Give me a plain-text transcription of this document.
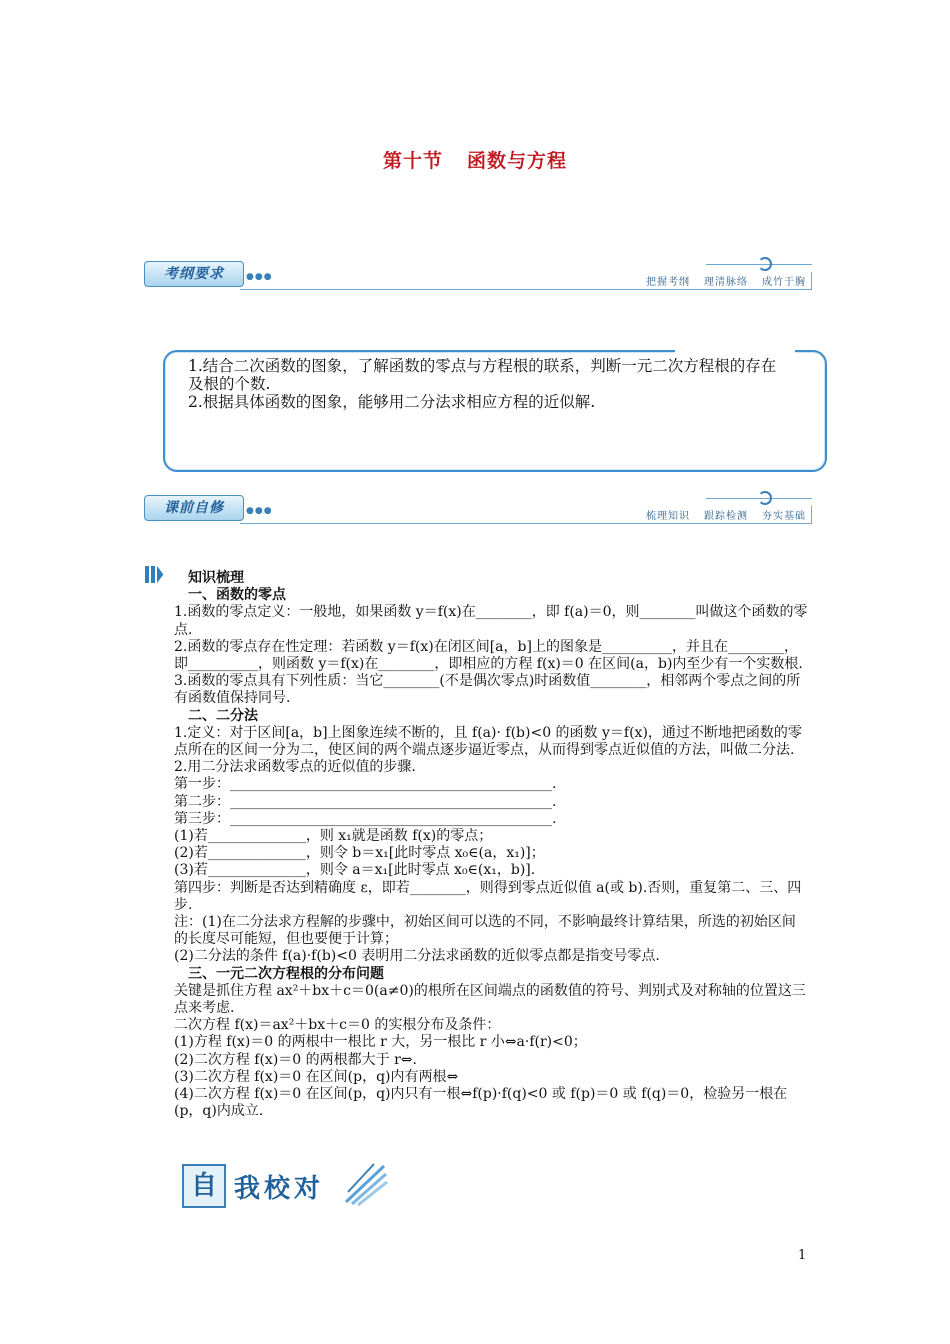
第十节 函数与方程
考纲要求	●●●	把握考纲 理清脉络 成竹于胸
1.结合二次函数的图象，了解函数的零点与方程根的联系，判断一元二次方程根的存在及根的个数.
2.根据具体函数的图象，能够用二分法求相应方程的近似解.
课前自修	●●●	梳理知识 跟踪检测 夯实基础

知识梳理

一、函数的零点

1.函数的零点定义：一般地，如果函数 y＝f(x)在________，即 f(a)＝0，则________叫做这个函数的零点.

2.函数的零点存在性定理：若函数 y＝f(x)在闭区间[a，b]上的图象是__________，并且在________，即__________，则函数 y＝f(x)在________，即相应的方程 f(x)＝0 在区间(a，b)内至少有一个实数根.

3.函数的零点具有下列性质：当它________(不是偶次零点)时函数值________，相邻两个零点之间的所有函数值保持同号.

二、二分法

1.定义：对于区间[a，b]上图象连续不断的，且 f(a)· f(b)<0 的函数 y＝f(x)，通过不断地把函数的零点所在的区间一分为二，使区间的两个端点逐步逼近零点，从而得到零点近似值的方法，叫做二分法.

2.用二分法求函数零点的近似值的步骤.

第一步：______________________________________________.

第二步：______________________________________________.

第三步：______________________________________________.

(1)若______________，则 x₁就是函数 f(x)的零点；

(2)若______________，则令 b＝x₁[此时零点 x₀∈(a，x₁)]；

(3)若______________，则令 a＝x₁[此时零点 x₀∈(x₁，b)].

第四步：判断是否达到精确度 ε，即若________，则得到零点近似值 a(或 b).否则，重复第二、三、四步.

注：(1)在二分法求方程解的步骤中，初始区间可以选的不同，不影响最终计算结果，所选的初始区间的长度尽可能短，但也要便于计算；

(2)二分法的条件 f(a)·f(b)<0 表明用二分法求函数的近似零点都是指变号零点.

三、一元二次方程根的分布问题

关键是抓住方程 ax²＋bx＋c＝0(a≠0)的根所在区间端点的函数值的符号、判别式及对称轴的位置这三点来考虑.

二次方程 f(x)＝ax²＋bx＋c＝0 的实根分布及条件：

(1)方程 f(x)＝0 的两根中一根比 r 大，另一根比 r 小⇔a·f(r)<0；

(2)二次方程 f(x)＝0 的两根都大于 r⇔.

(3)二次方程 f(x)＝0 在区间(p，q)内有两根⇔

(4)二次方程 f(x)＝0 在区间(p，q)内只有一根⇔f(p)·f(q)<0 或 f(p)＝0 或 f(q)＝0，检验另一根在(p，q)内成立.

自 我校对
1
